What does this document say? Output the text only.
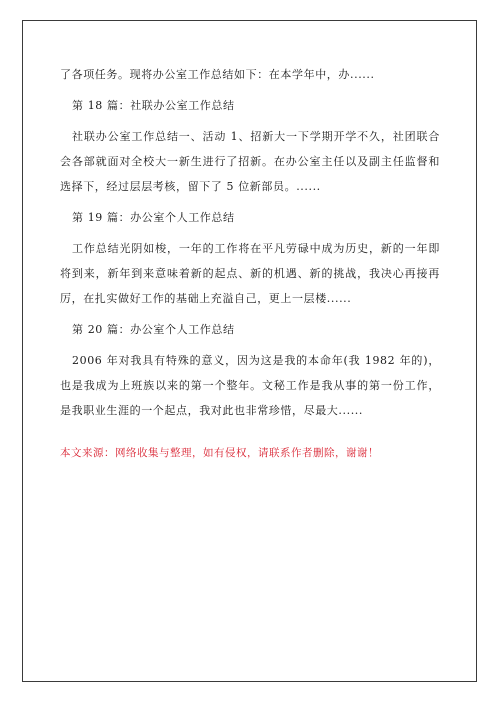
了各项任务。现将办公室工作总结如下：在本学年中，办......

第 18 篇：社联办公室工作总结

社联办公室工作总结一、活动 1、招新大一下学期开学不久，社团联合会各部就面对全校大一新生进行了招新。在办公室主任以及副主任监督和选择下，经过层层考核，留下了 5 位新部员。......

第 19 篇：办公室个人工作总结

工作总结光阴如梭，一年的工作将在平凡劳碌中成为历史，新的一年即将到来，新年到来意味着新的起点、新的机遇、新的挑战，我决心再接再厉，在扎实做好工作的基础上充溢自己，更上一层楼......

第 20 篇：办公室个人工作总结

2006 年对我具有特殊的意义，因为这是我的本命年(我 1982 年的)，也是我成为上班族以来的第一个整年。文秘工作是我从事的第一份工作，是我职业生涯的一个起点，我对此也非常珍惜，尽最大......

本文来源：网络收集与整理，如有侵权，请联系作者删除，谢谢！
